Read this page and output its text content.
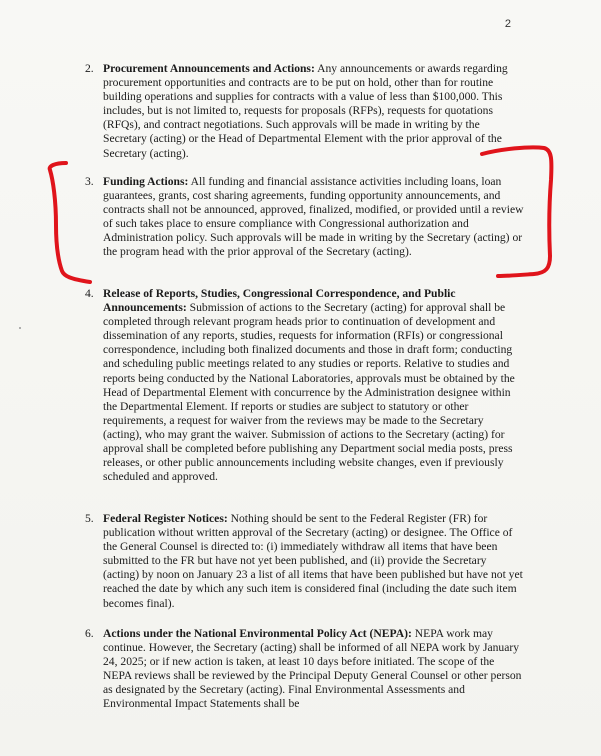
2
2. Procurement Announcements and Actions: Any announcements or awards regarding procurement opportunities and contracts are to be put on hold, other than for routine building operations and supplies for contracts with a value of less than $100,000. This includes, but is not limited to, requests for proposals (RFPs), requests for quotations (RFQs), and contract negotiations. Such approvals will be made in writing by the Secretary (acting) or the Head of Departmental Element with the prior approval of the Secretary (acting).
3. Funding Actions: All funding and financial assistance activities including loans, loan guarantees, grants, cost sharing agreements, funding opportunity announcements, and contracts shall not be announced, approved, finalized, modified, or provided until a review of such takes place to ensure compliance with Congressional authorization and Administration policy. Such approvals will be made in writing by the Secretary (acting) or the program head with the prior approval of the Secretary (acting).
4. Release of Reports, Studies, Congressional Correspondence, and Public Announcements: Submission of actions to the Secretary (acting) for approval shall be completed through relevant program heads prior to continuation of development and dissemination of any reports, studies, requests for information (RFIs) or congressional correspondence, including both finalized documents and those in draft form; conducting and scheduling public meetings related to any studies or reports. Relative to studies and reports being conducted by the National Laboratories, approvals must be obtained by the Head of Departmental Element with concurrence by the Administration designee within the Departmental Element. If reports or studies are subject to statutory or other requirements, a request for waiver from the reviews may be made to the Secretary (acting), who may grant the waiver. Submission of actions to the Secretary (acting) for approval shall be completed before publishing any Department social media posts, press releases, or other public announcements including website changes, even if previously scheduled and approved.
5. Federal Register Notices: Nothing should be sent to the Federal Register (FR) for publication without written approval of the Secretary (acting) or designee. The Office of the General Counsel is directed to: (i) immediately withdraw all items that have been submitted to the FR but have not yet been published, and (ii) provide the Secretary (acting) by noon on January 23 a list of all items that have been published but have not yet reached the date by which any such item is considered final (including the date such item becomes final).
6. Actions under the National Environmental Policy Act (NEPA): NEPA work may continue. However, the Secretary (acting) shall be informed of all NEPA work by January 24, 2025; or if new action is taken, at least 10 days before initiated. The scope of the NEPA reviews shall be reviewed by the Principal Deputy General Counsel or other person as designated by the Secretary (acting). Final Environmental Assessments and Environmental Impact Statements shall be
